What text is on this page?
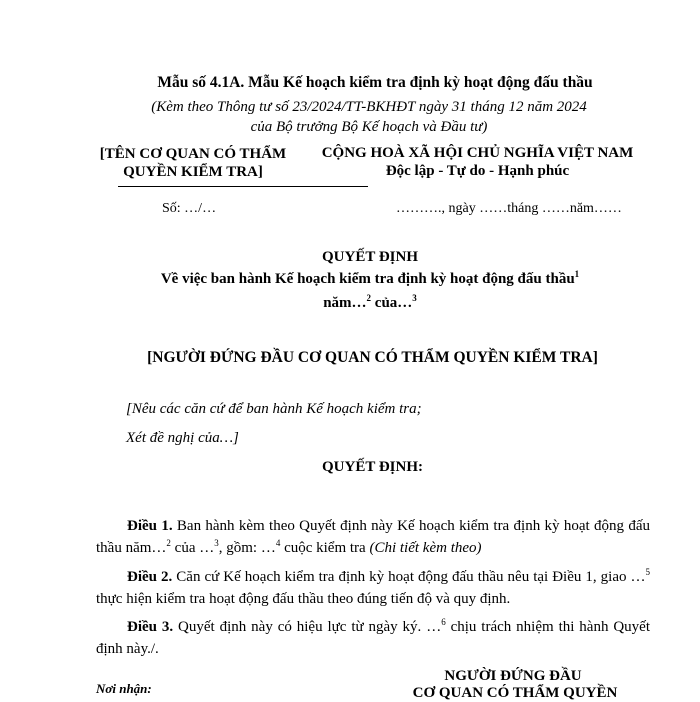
Mẫu số 4.1A. Mẫu Kế hoạch kiểm tra định kỳ hoạt động đấu thầu
(Kèm theo Thông tư số 23/2024/TT-BKHĐT ngày 31 tháng 12 năm 2024
của Bộ trưởng Bộ Kế hoạch và Đầu tư)
[TÊN CƠ QUAN CÓ THẨM
QUYỀN KIỂM TRA]
CỘNG HOÀ XÃ HỘI CHỦ NGHĨA VIỆT NAM
Độc lập - Tự do - Hạnh phúc
Số: …/…	………., ngày ……tháng ……năm……
QUYẾT ĐỊNH
Về việc ban hành Kế hoạch kiểm tra định kỳ hoạt động đấu thầu$^1$
năm…$^2$ của…$^3$
[NGƯỜI ĐỨNG ĐẦU CƠ QUAN CÓ THẨM QUYỀN KIỂM TRA]
[Nêu các căn cứ để ban hành Kế hoạch kiểm tra;
Xét đề nghị của…]
QUYẾT ĐỊNH:
Điều 1. Ban hành kèm theo Quyết định này Kế hoạch kiểm tra định kỳ hoạt động đấu thầu năm…$^2$ của …$^3$, gồm: …$^4$ cuộc kiểm tra (Chi tiết kèm theo)
Điều 2. Căn cứ Kế hoạch kiểm tra định kỳ hoạt động đấu thầu nêu tại Điều 1, giao …$^5$ thực hiện kiểm tra hoạt động đấu thầu theo đúng tiến độ và quy định.
Điều 3. Quyết định này có hiệu lực từ ngày ký. …$^6$ chịu trách nhiệm thi hành Quyết định này./.
Nơi nhận:
NGƯỜI ĐỨNG ĐẦU
CƠ QUAN CÓ THẨM QUYỀN
